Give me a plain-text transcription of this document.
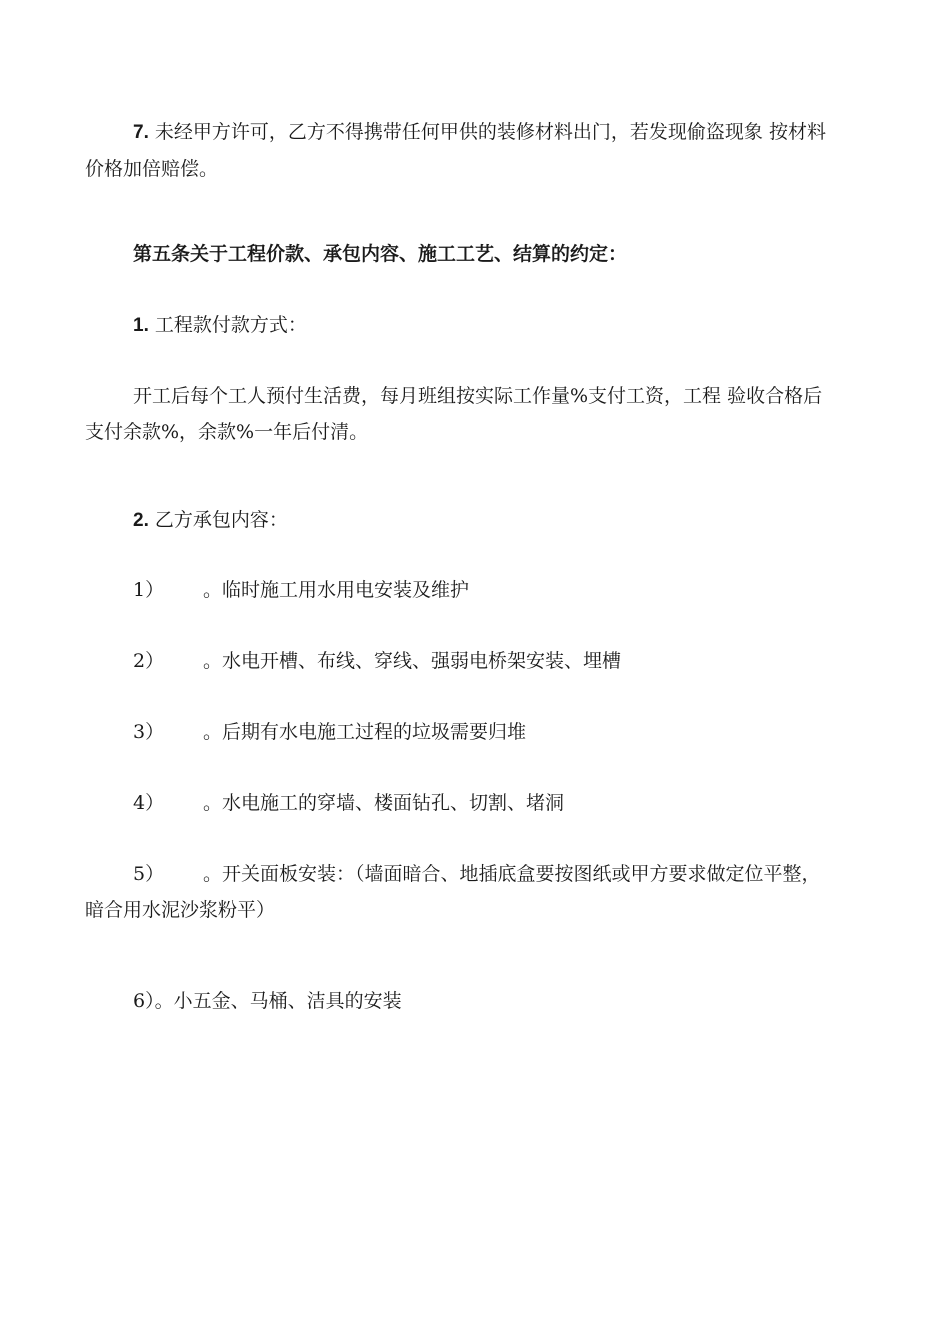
7. 未经甲方许可，乙方不得携带任何甲供的装修材料出门，若发现偷盗现象 按材料
价格加倍赔偿。

第五条关于工程价款、承包内容、施工工艺、结算的约定：

1. 工程款付款方式：

开工后每个工人预付生活费，每月班组按实际工作量%支付工资，工程 验收合格后
支付余款%，余款%一年后付清。

2. 乙方承包内容：

1） 。临时施工用水用电安装及维护

2） 。水电开槽、布线、穿线、强弱电桥架安装、埋槽

3） 。后期有水电施工过程的垃圾需要归堆

4） 。水电施工的穿墙、楼面钻孔、切割、堵洞

5） 。开关面板安装：（墙面暗合、地插底盒要按图纸或甲方要求做定位平整，
暗合用水泥沙浆粉平）

6）。小五金、马桶、洁具的安装
